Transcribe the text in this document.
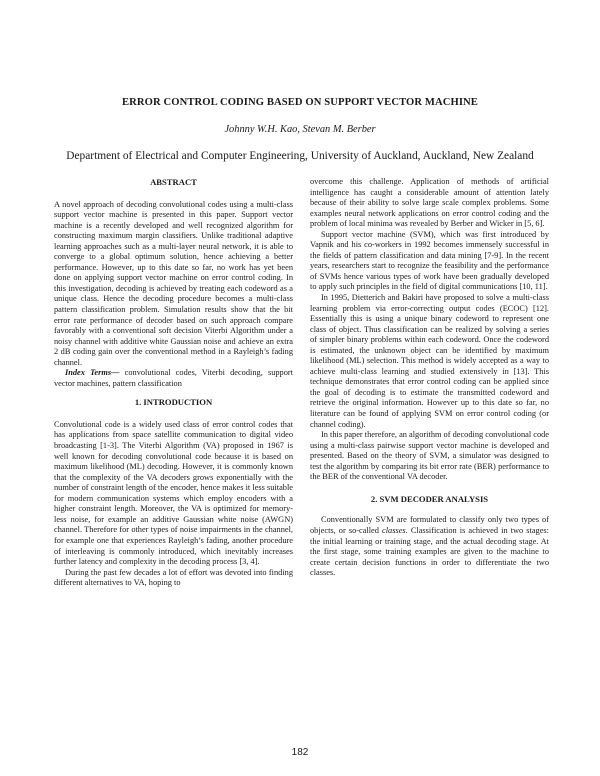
ERROR CONTROL CODING BASED ON SUPPORT VECTOR MACHINE
Johnny W.H. Kao, Stevan M. Berber
Department of Electrical and Computer Engineering, University of Auckland, Auckland, New Zealand
ABSTRACT

A novel approach of decoding convolutional codes using a multi-class support vector machine is presented in this paper. Support vector machine is a recently developed and well recognized algorithm for constructing maximum margin classifiers. Unlike traditional adaptive learning approaches such as a multi-layer neural network, it is able to converge to a global optimum solution, hence achieving a better performance. However, up to this date so far, no work has yet been done on applying support vector machine on error control coding. In this investigation, decoding is achieved by treating each codeword as a unique class. Hence the decoding procedure becomes a multi-class pattern classification problem. Simulation results show that the bit error rate performance of decoder based on such approach compare favorably with a conventional soft decision Viterbi Algorithm under a noisy channel with additive white Gaussian noise and achieve an extra 2 dB coding gain over the conventional method in a Rayleigh’s fading channel.

Index Terms— convolutional codes, Viterbi decoding, support vector machines, pattern classification

1. INTRODUCTION

Convolutional code is a widely used class of error control codes that has applications from space satellite communication to digital video broadcasting [1-3]. The Viterbi Algorithm (VA) proposed in 1967 is well known for decoding convolutional code because it is based on maximum likelihood (ML) decoding. However, it is commonly known that the complexity of the VA decoders grows exponentially with the number of constraint length of the encoder, hence makes it less suitable for modern communication systems which employ encoders with a higher constraint length. Moreover, the VA is optimized for memory-less noise, for example an additive Gaussian white noise (AWGN) channel. Therefore for other types of noise impairments in the channel, for example one that experiences Rayleigh’s fading, another procedure of interleaving is commonly introduced, which inevitably increases further latency and complexity in the decoding process [3, 4].

During the past few decades a lot of effort was devoted into finding different alternatives to VA, hoping to

overcome this challenge. Application of methods of artificial intelligence has caught a considerable amount of attention lately because of their ability to solve large scale complex problems. Some examples neural network applications on error control coding and the problem of local minima was revealed by Berber and Wicker in [5, 6].

Support vector machine (SVM), which was first introduced by Vapnik and his co-workers in 1992 becomes immensely successful in the fields of pattern classification and data mining [7-9]. In the recent years, researchers start to recognize the feasibility and the performance of SVMs hence various types of work have been gradually developed to apply such principles in the field of digital communications [10, 11].

In 1995, Dietterich and Bakiri have proposed to solve a multi-class learning problem via error-correcting output codes (ECOC) [12]. Essentially this is using a unique binary codeword to represent one class of object. Thus classification can be realized by solving a series of simpler binary problems within each codeword. Once the codeword is estimated, the unknown object can be identified by maximum likelihood (ML) selection. This method is widely accepted as a way to achieve multi-class learning and studied extensively in [13]. This technique demonstrates that error control coding can be applied since the goal of decoding is to estimate the transmitted codeword and retrieve the original information. However up to this date so far, no literature can be found of applying SVM on error control coding (or channel coding).

In this paper therefore, an algorithm of decoding convolutional code using a multi-class pairwise support vector machine is developed and presented. Based on the theory of SVM, a simulator was designed to test the algorithm by comparing its bit error rate (BER) performance to the BER of the conventional VA decoder.

2. SVM DECODER ANALYSIS

Conventionally SVM are formulated to classify only two types of objects, or so-called classes. Classification is achieved in two stages: the initial learning or training stage, and the actual decoding stage. At the first stage, some training examples are given to the machine to create certain decision functions in order to differentiate the two classes.

182
